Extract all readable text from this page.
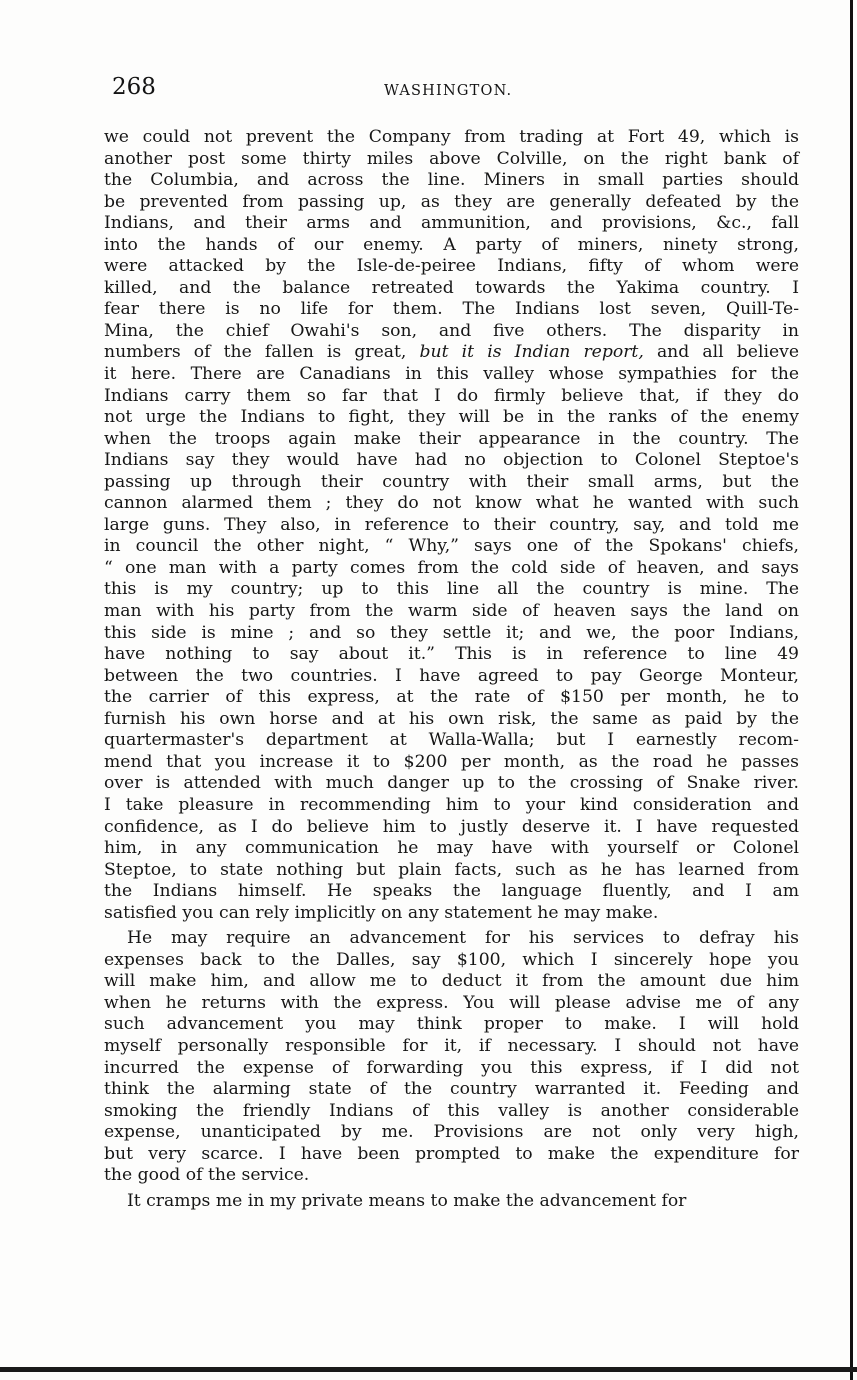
268	WASHINGTON.
we could not prevent the Company from trading at Fort 49, which is
another post some thirty miles above Colville, on the right bank of
the Columbia, and across the line. Miners in small parties should
be prevented from passing up, as they are generally defeated by the
Indians, and their arms and ammunition, and provisions, &c., fall
into the hands of our enemy. A party of miners, ninety strong,
were attacked by the Isle-de-peiree Indians, fifty of whom were
killed, and the balance retreated towards the Yakima country. I
fear there is no life for them. The Indians lost seven, Quill-Te-
Mina, the chief Owahi's son, and five others. The disparity in
numbers of the fallen is great, but it is Indian report, and all believe
it here. There are Canadians in this valley whose sympathies for the
Indians carry them so far that I do firmly believe that, if they do
not urge the Indians to fight, they will be in the ranks of the enemy
when the troops again make their appearance in the country. The
Indians say they would have had no objection to Colonel Steptoe's
passing up through their country with their small arms, but the
cannon alarmed them ; they do not know what he wanted with such
large guns. They also, in reference to their country, say, and told me
in council the other night, “ Why,” says one of the Spokans' chiefs,
“ one man with a party comes from the cold side of heaven, and says
this is my country; up to this line all the country is mine. The
man with his party from the warm side of heaven says the land on
this side is mine ; and so they settle it; and we, the poor Indians,
have nothing to say about it.” This is in reference to line 49
between the two countries. I have agreed to pay George Monteur,
the carrier of this express, at the rate of $150 per month, he to
furnish his own horse and at his own risk, the same as paid by the
quartermaster's department at Walla-Walla; but I earnestly recom-
mend that you increase it to $200 per month, as the road he passes
over is attended with much danger up to the crossing of Snake river.
I take pleasure in recommending him to your kind consideration and
confidence, as I do believe him to justly deserve it. I have requested
him, in any communication he may have with yourself or Colonel
Steptoe, to state nothing but plain facts, such as he has learned from
the Indians himself. He speaks the language fluently, and I am
satisfied you can rely implicitly on any statement he may make.
He may require an advancement for his services to defray his
expenses back to the Dalles, say $100, which I sincerely hope you
will make him, and allow me to deduct it from the amount due him
when he returns with the express. You will please advise me of any
such advancement you may think proper to make. I will hold
myself personally responsible for it, if necessary. I should not have
incurred the expense of forwarding you this express, if I did not
think the alarming state of the country warranted it. Feeding and
smoking the friendly Indians of this valley is another considerable
expense, unanticipated by me. Provisions are not only very high,
but very scarce. I have been prompted to make the expenditure for
the good of the service.
It cramps me in my private means to make the advancement for
